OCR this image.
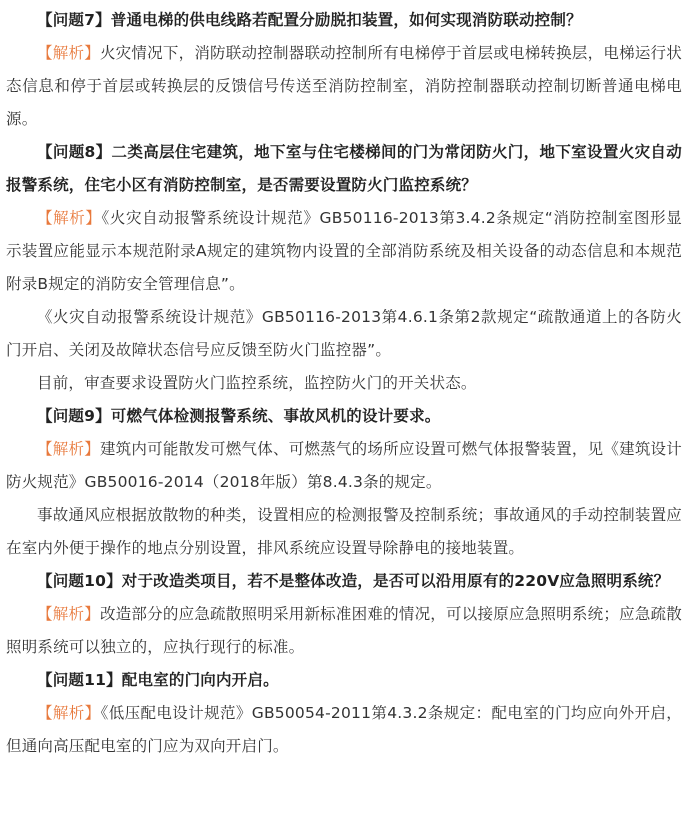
【问题7】普通电梯的供电线路若配置分励脱扣装置，如何实现消防联动控制？

【解析】火灾情况下，消防联动控制器联动控制所有电梯停于首层或电梯转换层，电梯运行状态信息和停于首层或转换层的反馈信号传送至消防控制室，消防控制器联动控制切断普通电梯电源。

【问题8】二类高层住宅建筑，地下室与住宅楼梯间的门为常闭防火门，地下室设置火灾自动报警系统，住宅小区有消防控制室，是否需要设置防火门监控系统？

【解析】《火灾自动报警系统设计规范》GB50116-2013第3.4.2条规定“消防控制室图形显示装置应能显示本规范附录A规定的建筑物内设置的全部消防系统及相关设备的动态信息和本规范附录B规定的消防安全管理信息”。

《火灾自动报警系统设计规范》GB50116-2013第4.6.1条第2款规定“疏散通道上的各防火门开启、关闭及故障状态信号应反馈至防火门监控器”。

目前，审查要求设置防火门监控系统，监控防火门的开关状态。

【问题9】可燃气体检测报警系统、事故风机的设计要求。

【解析】建筑内可能散发可燃气体、可燃蒸气的场所应设置可燃气体报警装置，见《建筑设计防火规范》GB50016-2014（2018年版）第8.4.3条的规定。

事故通风应根据放散物的种类，设置相应的检测报警及控制系统；事故通风的手动控制装置应在室内外便于操作的地点分别设置，排风系统应设置导除静电的接地装置。

【问题10】对于改造类项目，若不是整体改造，是否可以沿用原有的220V应急照明系统？

【解析】改造部分的应急疏散照明采用新标准困难的情况，可以接原应急照明系统；应急疏散照明系统可以独立的，应执行现行的标准。

【问题11】配电室的门向内开启。

【解析】《低压配电设计规范》GB50054-2011第4.3.2条规定：配电室的门均应向外开启，但通向高压配电室的门应为双向开启门。
